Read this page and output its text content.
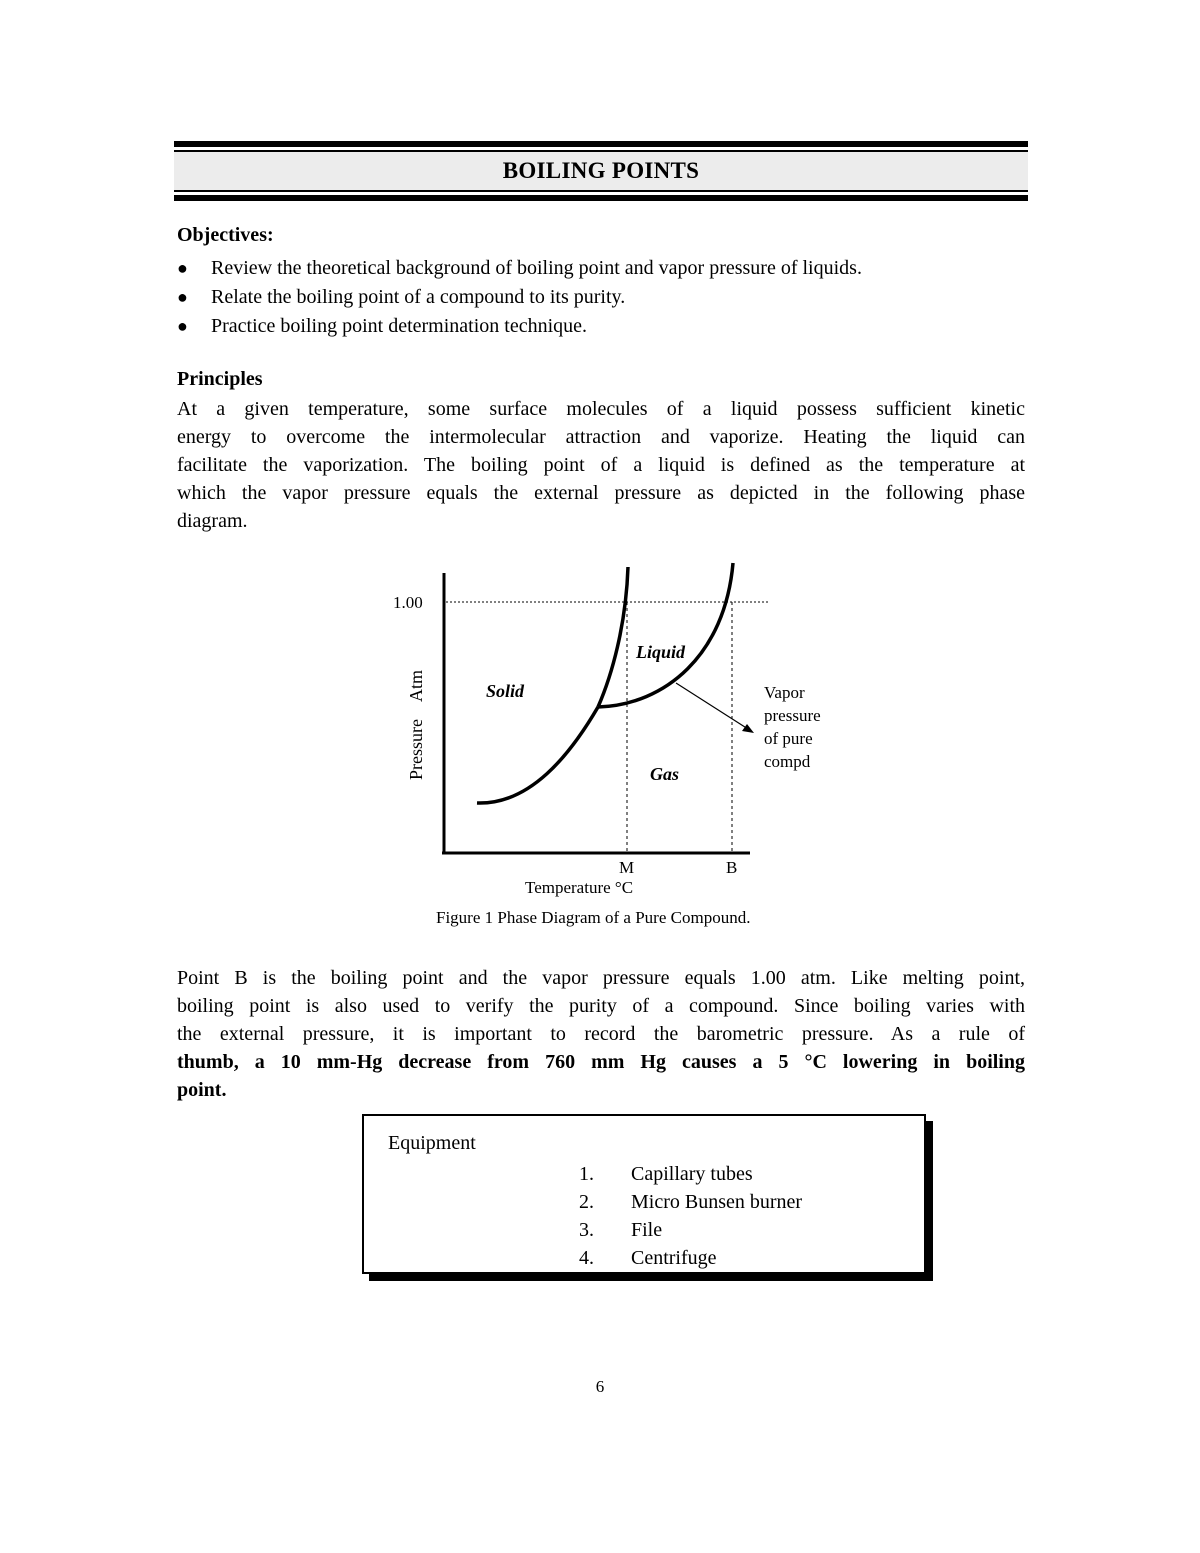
BOILING POINTS
Objectives:
●	Review the theoretical background of boiling point and vapor pressure of liquids.
●	Relate the boiling point of a compound to its purity.
●	Practice boiling point determination technique.
Principles
At a given temperature, some surface molecules of a liquid possess sufficient kinetic
energy to overcome the intermolecular attraction and vaporize. Heating the liquid can
facilitate the vaporization. The boiling point of a liquid is defined as the temperature at
which the vapor pressure equals the external pressure as depicted in the following phase
diagram.
1.00
Pressure    Atm	Solid
Liquid
Gas
Vapor
pressure
of pure
compd
M	B
Temperature °C
Figure 1 Phase Diagram of a Pure Compound.
Point B is the boiling point and the vapor pressure equals 1.00 atm. Like melting point,
boiling point is also used to verify the purity of a compound. Since boiling varies with
the external pressure, it is important to record the barometric pressure. As a rule of
thumb, a 10 mm-Hg decrease from 760 mm Hg causes a 5 °C lowering in boiling
point.
Equipment
1.	Capillary tubes
2.	Micro Bunsen burner
3.	File
4.	Centrifuge
6
